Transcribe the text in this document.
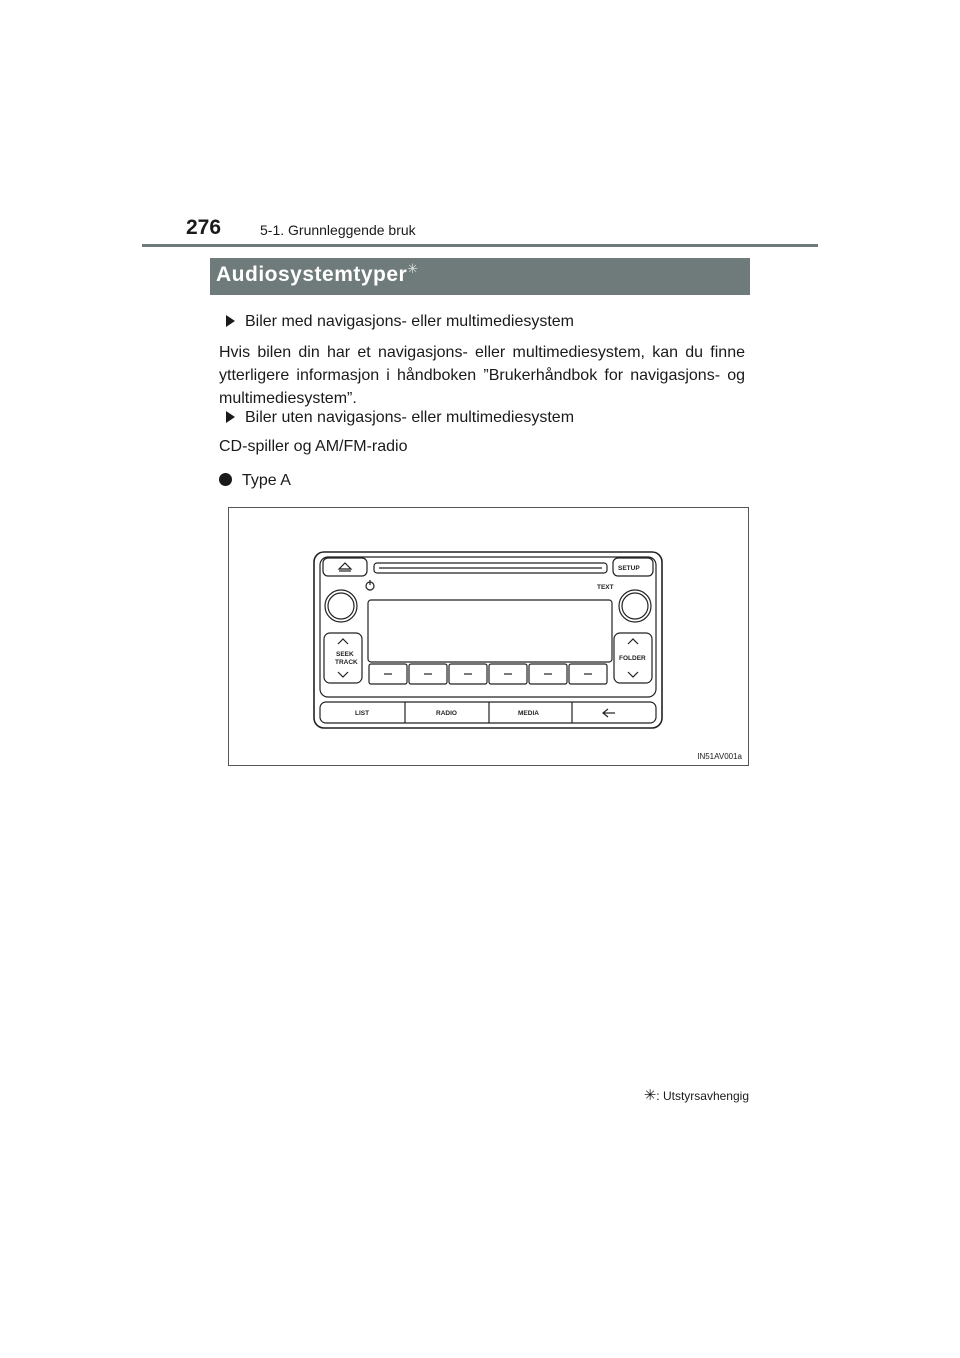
276	5-1. Grunnleggende bruk
Audiosystemtyper✳
Biler med navigasjons- eller multimediesystem
Hvis bilen din har et navigasjons- eller multimediesystem, kan du finne ytterligere informasjon i håndboken ”Brukerhåndbok for navigasjons- og multimediesystem”.
Biler uten navigasjons- eller multimediesystem
CD-spiller og AM/FM-radio
Type A
SETUP
TEXT
SEEK
TRACK
FOLDER
LIST	RADIO	MEDIA
IN51AV001a
✳: Utstyrsavhengig
